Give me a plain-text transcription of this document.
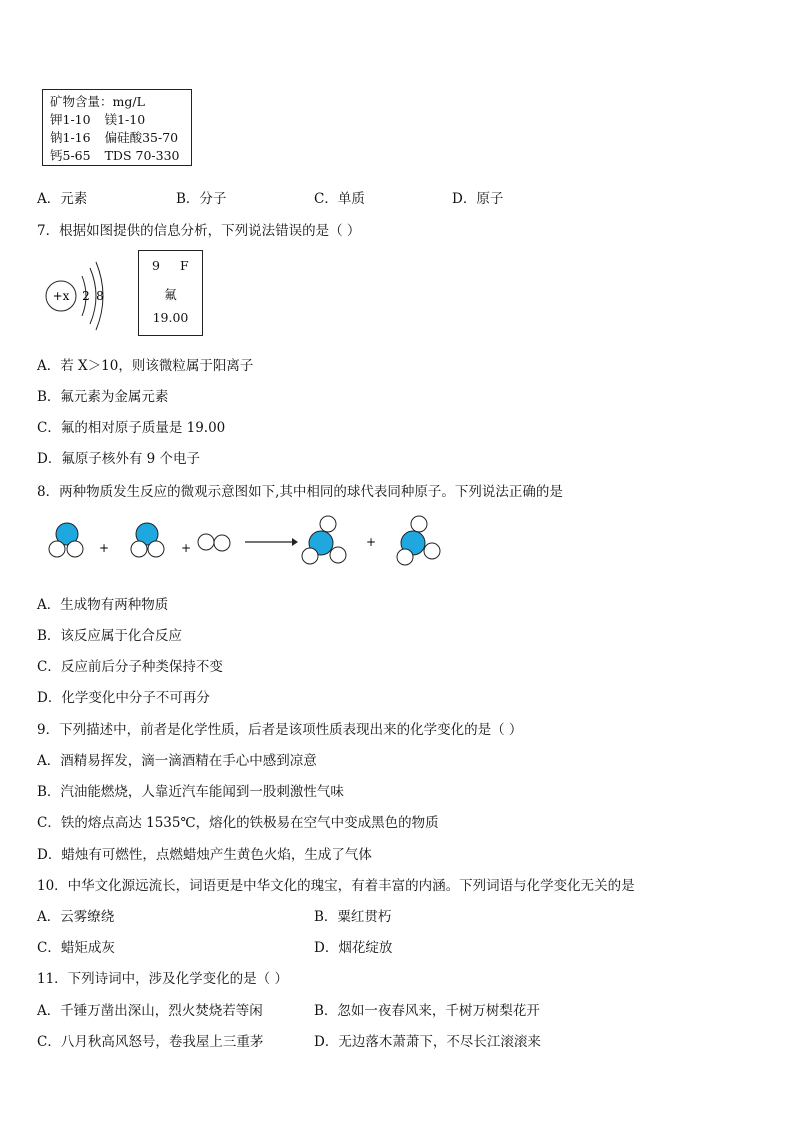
矿物含量：mg/L
钾1-10 镁1-10
钠1-16 偏硅酸35-70
钙5-65 TDS 70-330
A．元素	B．分子	C．单质	D．原子
7．根据如图提供的信息分析，下列说法错误的是（ ）
+x 2 8
9 F
氟
19.00
A．若 X＞10，则该微粒属于阳离子
B．氟元素为金属元素
C．氟的相对原子质量是 19.00
D．氟原子核外有 9 个电子
8．两种物质发生反应的微观示意图如下,其中相同的球代表同种原子。下列说法正确的是
+	+	+
A．生成物有两种物质
B．该反应属于化合反应
C．反应前后分子种类保持不变
D．化学变化中分子不可再分
9．下列描述中，前者是化学性质，后者是该项性质表现出来的化学变化的是（ ）
A．酒精易挥发，滴一滴酒精在手心中感到凉意
B．汽油能燃烧，人靠近汽车能闻到一股刺激性气味
C．铁的熔点高达 1535℃，熔化的铁极易在空气中变成黑色的物质
D．蜡烛有可燃性，点燃蜡烛产生黄色火焰，生成了气体
10．中华文化源远流长，词语更是中华文化的瑰宝，有着丰富的内涵。下列词语与化学变化无关的是
A．云雾缭绕	B．粟红贯朽
C．蜡矩成灰	D．烟花绽放
11．下列诗词中，涉及化学变化的是（ ）
A．千锤万凿出深山，烈火焚烧若等闲	B．忽如一夜春风来，千树万树梨花开
C．八月秋高风怒号，卷我屋上三重茅	D．无边落木萧萧下，不尽长江滚滚来
